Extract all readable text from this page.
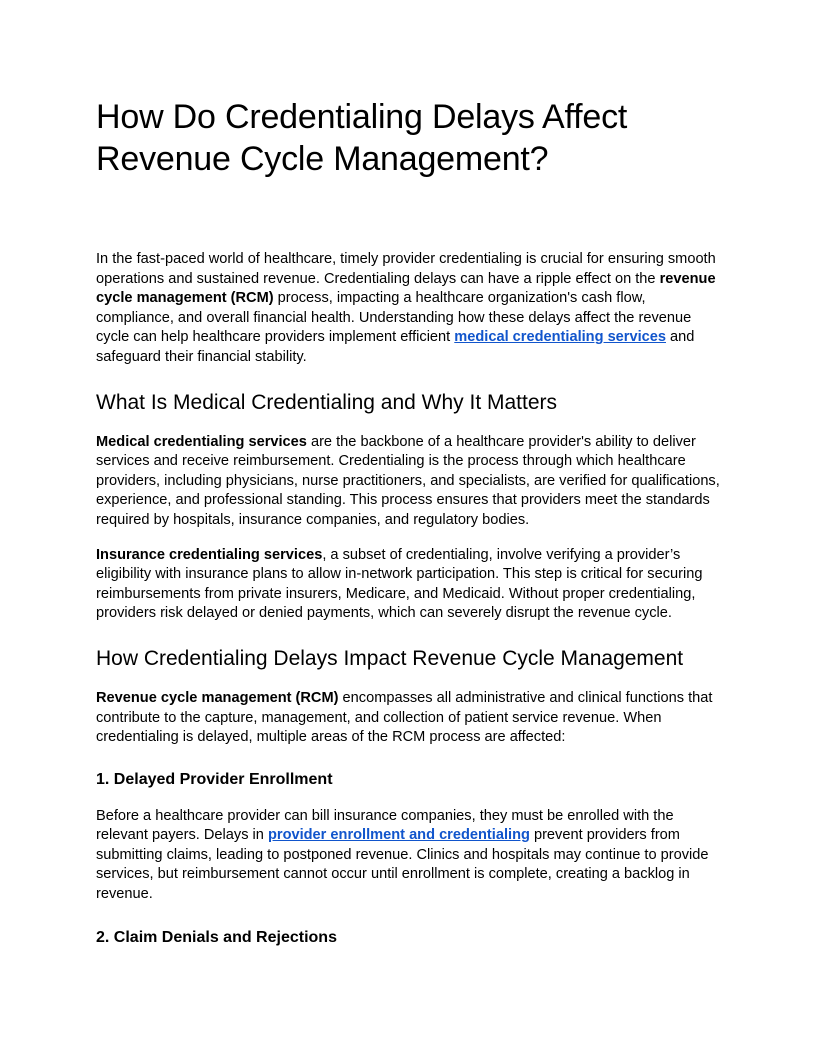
How Do Credentialing Delays Affect Revenue Cycle Management?

In the fast-paced world of healthcare, timely provider credentialing is crucial for ensuring smooth operations and sustained revenue. Credentialing delays can have a ripple effect on the revenue cycle management (RCM) process, impacting a healthcare organization's cash flow, compliance, and overall financial health. Understanding how these delays affect the revenue cycle can help healthcare providers implement efficient medical credentialing services and safeguard their financial stability.

What Is Medical Credentialing and Why It Matters

Medical credentialing services are the backbone of a healthcare provider's ability to deliver services and receive reimbursement. Credentialing is the process through which healthcare providers, including physicians, nurse practitioners, and specialists, are verified for qualifications, experience, and professional standing. This process ensures that providers meet the standards required by hospitals, insurance companies, and regulatory bodies.

Insurance credentialing services, a subset of credentialing, involve verifying a provider’s eligibility with insurance plans to allow in-network participation. This step is critical for securing reimbursements from private insurers, Medicare, and Medicaid. Without proper credentialing, providers risk delayed or denied payments, which can severely disrupt the revenue cycle.

How Credentialing Delays Impact Revenue Cycle Management

Revenue cycle management (RCM) encompasses all administrative and clinical functions that contribute to the capture, management, and collection of patient service revenue. When credentialing is delayed, multiple areas of the RCM process are affected:

1. Delayed Provider Enrollment

Before a healthcare provider can bill insurance companies, they must be enrolled with the relevant payers. Delays in provider enrollment and credentialing prevent providers from submitting claims, leading to postponed revenue. Clinics and hospitals may continue to provide services, but reimbursement cannot occur until enrollment is complete, creating a backlog in revenue.

2. Claim Denials and Rejections
